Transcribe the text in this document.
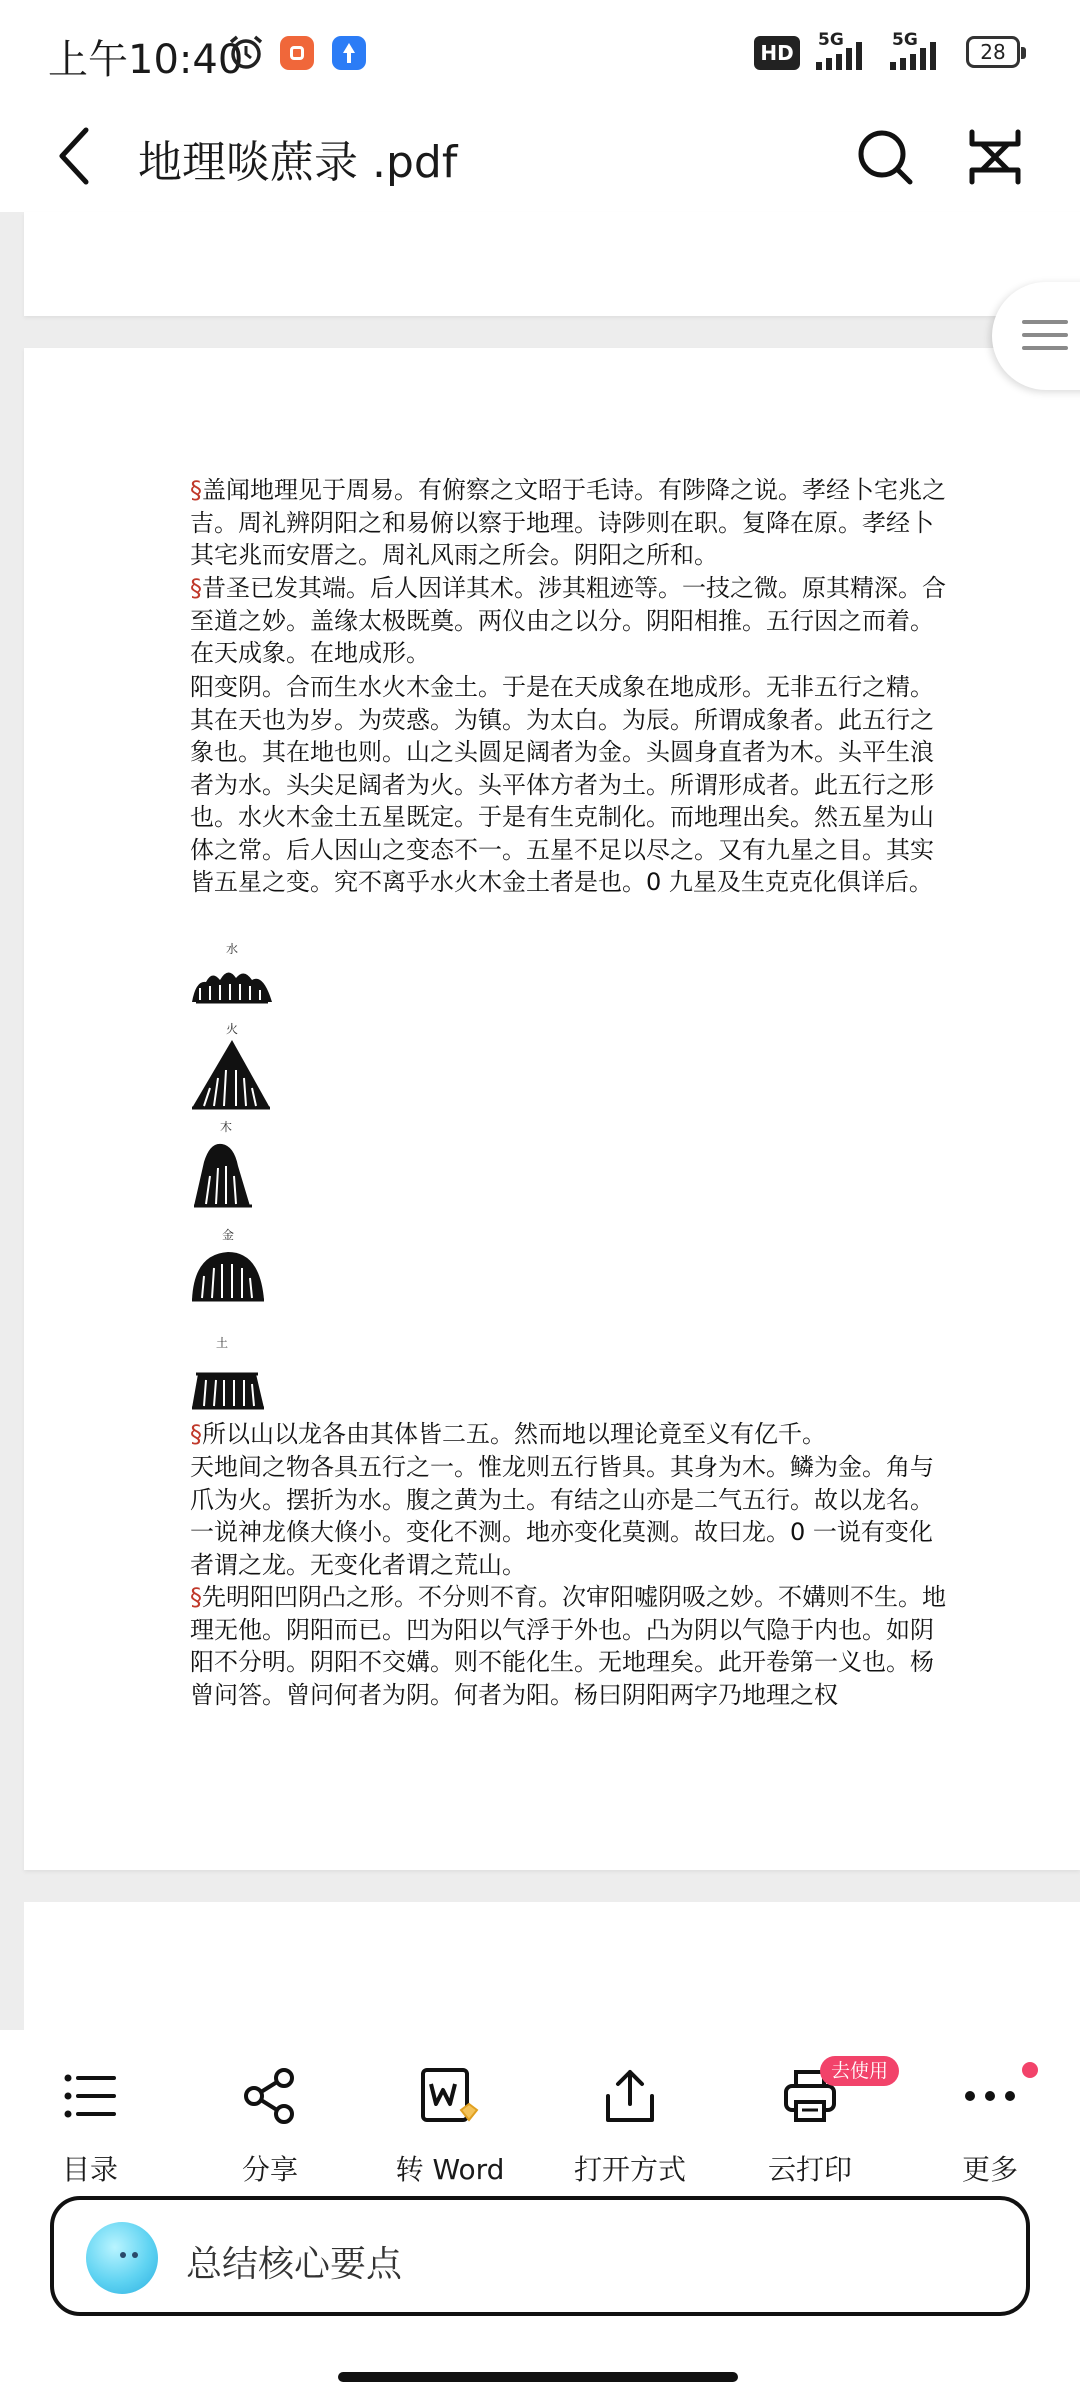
上午10:40	HD
5G	5G	28
地理啖蔗录 .pdf
§盖闻地理见于周易。有俯察之文昭于毛诗。有陟降之说。孝经卜宅兆之吉。周礼辨阴阳之和易俯以察于地理。诗陟则在职。复降在原。孝经卜其宅兆而安厝之。周礼风雨之所会。阴阳之所和。
§昔圣已发其端。后人因详其术。涉其粗迹等。一技之微。原其精深。合至道之妙。盖缘太极既奠。两仪由之以分。阴阳相推。五行因之而着。在天成象。在地成形。
阳变阴。合而生水火木金土。于是在天成象在地成形。无非五行之精。其在天也为岁。为荧惑。为镇。为太白。为辰。所谓成象者。此五行之象也。其在地也则。山之头圆足阔者为金。头圆身直者为木。头平生浪者为水。头尖足阔者为火。头平体方者为土。所谓形成者。此五行之形也。水火木金土五星既定。于是有生克制化。而地理出矣。然五星为山体之常。后人因山之变态不一。五星不足以尽之。又有九星之目。其实皆五星之变。究不离乎水火木金土者是也。0 九星及生克克化俱详后。
水
火
木
金
土
§所以山以龙各由其体皆二五。然而地以理论竟至义有亿千。
天地间之物各具五行之一。惟龙则五行皆具。其身为木。鳞为金。角与爪为火。摆折为水。腹之黄为土。有结之山亦是二气五行。故以龙名。一说神龙倏大倏小。变化不测。地亦变化莫测。故曰龙。0 一说有变化者谓之龙。无变化者谓之荒山。
§先明阳凹阴凸之形。不分则不育。次审阳嘘阴吸之妙。不媾则不生。地理无他。阴阳而已。凹为阳以气浮于外也。凸为阴以气隐于内也。如阴阳不分明。阴阳不交媾。则不能化生。无地理矣。此开卷第一义也。杨曾问答。曾问何者为阴。何者为阳。杨曰阴阳两字乃地理之权
目录	分享	转 Word	打开方式
去使用
云打印	更多
总结核心要点
